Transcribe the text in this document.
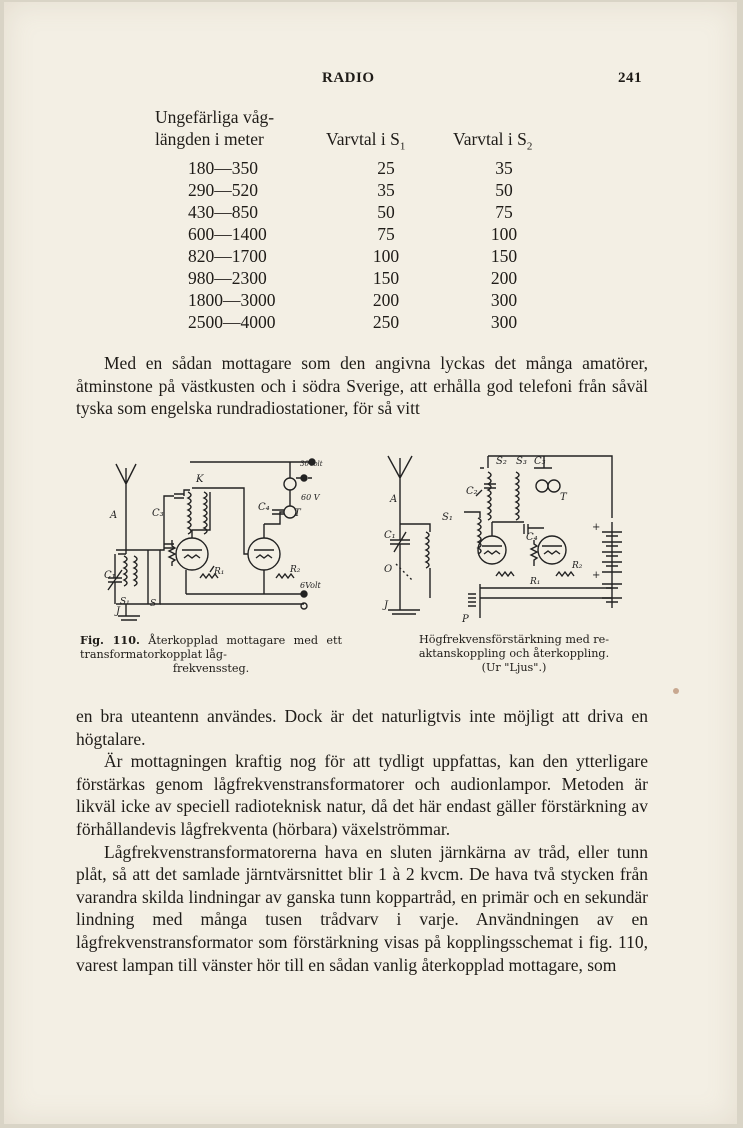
RADIO	241
Ungefärliga våg-
längden i meter	Varvtal i $S_1$	Varvtal i $S_2$
180—350	25	35
290—520	35	50
430—850	50	75
600—1400	75	100
820—1700	100	150
980—2300	150	200
1800—3000	200	300
2500—4000	250	300

Med en sådan mottagare som den angivna lyckas det många amatörer, åtminstone på västkusten och i södra Sverige, att erhålla god telefoni från såväl tyska som engelska rundradiostationer, för så vitt

30Volt
60 V
6Volt
A	C₃
K
C₄
T
R₁	R₂
C₁
S₁ S
J
S₂ S₃ C₃
C₂
T
A
S₁
C₄
C₁
O
R₁
R₂
J
P
+
+
Fig. 110. Återkopplad mottagare med ett transformatorkopplat låg-
frekvenssteg.
Högfrekvensförstärkning med re-
aktanskoppling och återkoppling.
(Ur "Ljus".)

en bra uteantenn användes. Dock är det naturligtvis inte möjligt att driva en högtalare.

Är mottagningen kraftig nog för att tydligt uppfattas, kan den ytterligare förstärkas genom lågfrekvenstransformatorer och audionlampor. Metoden är likväl icke av speciell radioteknisk natur, då det här endast gäller förstärkning av förhållandevis lågfrekventa (hörbara) växelströmmar.

Lågfrekvenstransformatorerna hava en sluten järnkärna av tråd, eller tunn plåt, så att det samlade järntvärsnittet blir 1 à 2 kvcm. De hava två stycken från varandra skilda lindningar av ganska tunn koppartråd, en primär och en sekundär lindning med många tusen trådvarv i varje. Användningen av en lågfrekvenstransformator som förstärkning visas på kopplingsschemat i fig. 110, varest lampan till vänster hör till en sådan vanlig återkopplad mottagare, som
